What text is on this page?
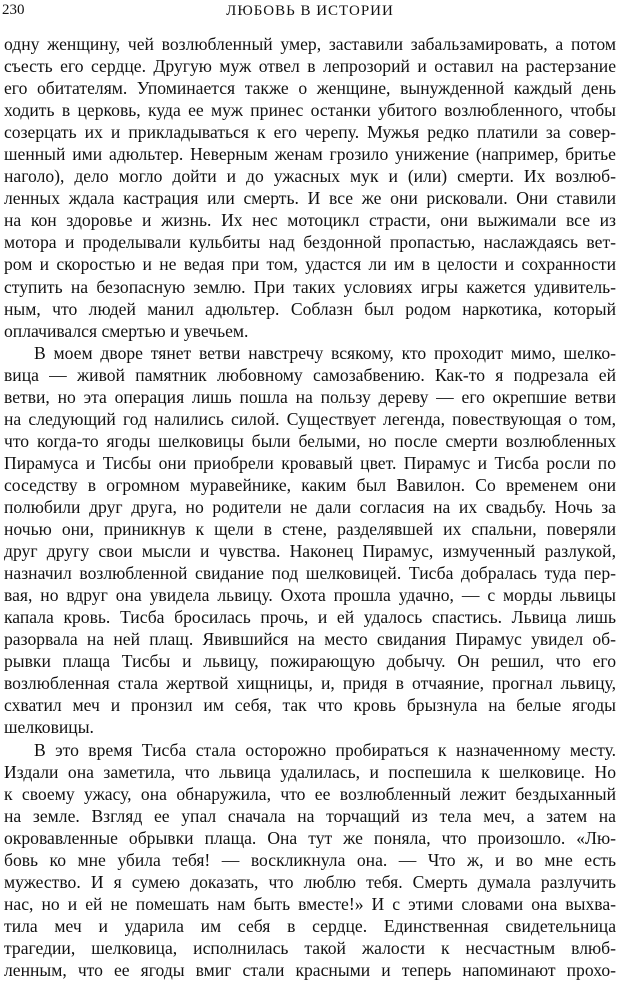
230	ЛЮБОВЬ В ИСТОРИИ
одну женщину, чей возлюбленный умер, заставили забальзамировать, а потом
съесть его сердце. Другую муж отвел в лепрозорий и оставил на растерзание
его обитателям. Упоминается также о женщине, вынужденной каждый день
ходить в церковь, куда ее муж принес останки убитого возлюбленного, чтобы
созерцать их и прикладываться к его черепу. Мужья редко платили за совер-
шенный ими адюльтер. Неверным женам грозило унижение (например, бритье
наголо), дело могло дойти и до ужасных мук и (или) смерти. Их возлюб-
ленных ждала кастрация или смерть. И все же они рисковали. Они ставили
на кон здоровье и жизнь. Их нес мотоцикл страсти, они выжимали все из
мотора и проделывали кульбиты над бездонной пропастью, наслаждаясь вет-
ром и скоростью и не ведая при том, удастся ли им в целости и сохранности
ступить на безопасную землю. При таких условиях игры кажется удивитель-
ным, что людей манил адюльтер. Соблазн был родом наркотика, который
оплачивался смертью и увечьем.
В моем дворе тянет ветви навстречу всякому, кто проходит мимо, шелко-
вица — живой памятник любовному самозабвению. Как-то я подрезала ей
ветви, но эта операция лишь пошла на пользу дереву — его окрепшие ветви
на следующий год налились силой. Существует легенда, повествующая о том,
что когда-то ягоды шелковицы были белыми, но после смерти возлюбленных
Пирамуса и Тисбы они приобрели кровавый цвет. Пирамус и Тисба росли по
соседству в огромном муравейнике, каким был Вавилон. Со временем они
полюбили друг друга, но родители не дали согласия на их свадьбу. Ночь за
ночью они, приникнув к щели в стене, разделявшей их спальни, поверяли
друг другу свои мысли и чувства. Наконец Пирамус, измученный разлукой,
назначил возлюбленной свидание под шелковицей. Тисба добралась туда пер-
вая, но вдруг она увидела львицу. Охота прошла удачно, — с морды львицы
капала кровь. Тисба бросилась прочь, и ей удалось спастись. Львица лишь
разорвала на ней плащ. Явившийся на место свидания Пирамус увидел об-
рывки плаща Тисбы и львицу, пожирающую добычу. Он решил, что его
возлюбленная стала жертвой хищницы, и, придя в отчаяние, прогнал львицу,
схватил меч и пронзил им себя, так что кровь брызнула на белые ягоды
шелковицы.
В это время Тисба стала осторожно пробираться к назначенному месту.
Издали она заметила, что львица удалилась, и поспешила к шелковице. Но
к своему ужасу, она обнаружила, что ее возлюбленный лежит бездыханный
на земле. Взгляд ее упал сначала на торчащий из тела меч, а затем на
окровавленные обрывки плаща. Она тут же поняла, что произошло. «Лю-
бовь ко мне убила тебя! — воскликнула она. — Что ж, и во мне есть
мужество. И я сумею доказать, что люблю тебя. Смерть думала разлучить
нас, но и ей не помешать нам быть вместе!» И с этими словами она выхва-
тила меч и ударила им себя в сердце. Единственная свидетельница
трагедии, шелковица, исполнилась такой жалости к несчастным влюб-
ленным, что ее ягоды вмиг стали красными и теперь напоминают прохо-
